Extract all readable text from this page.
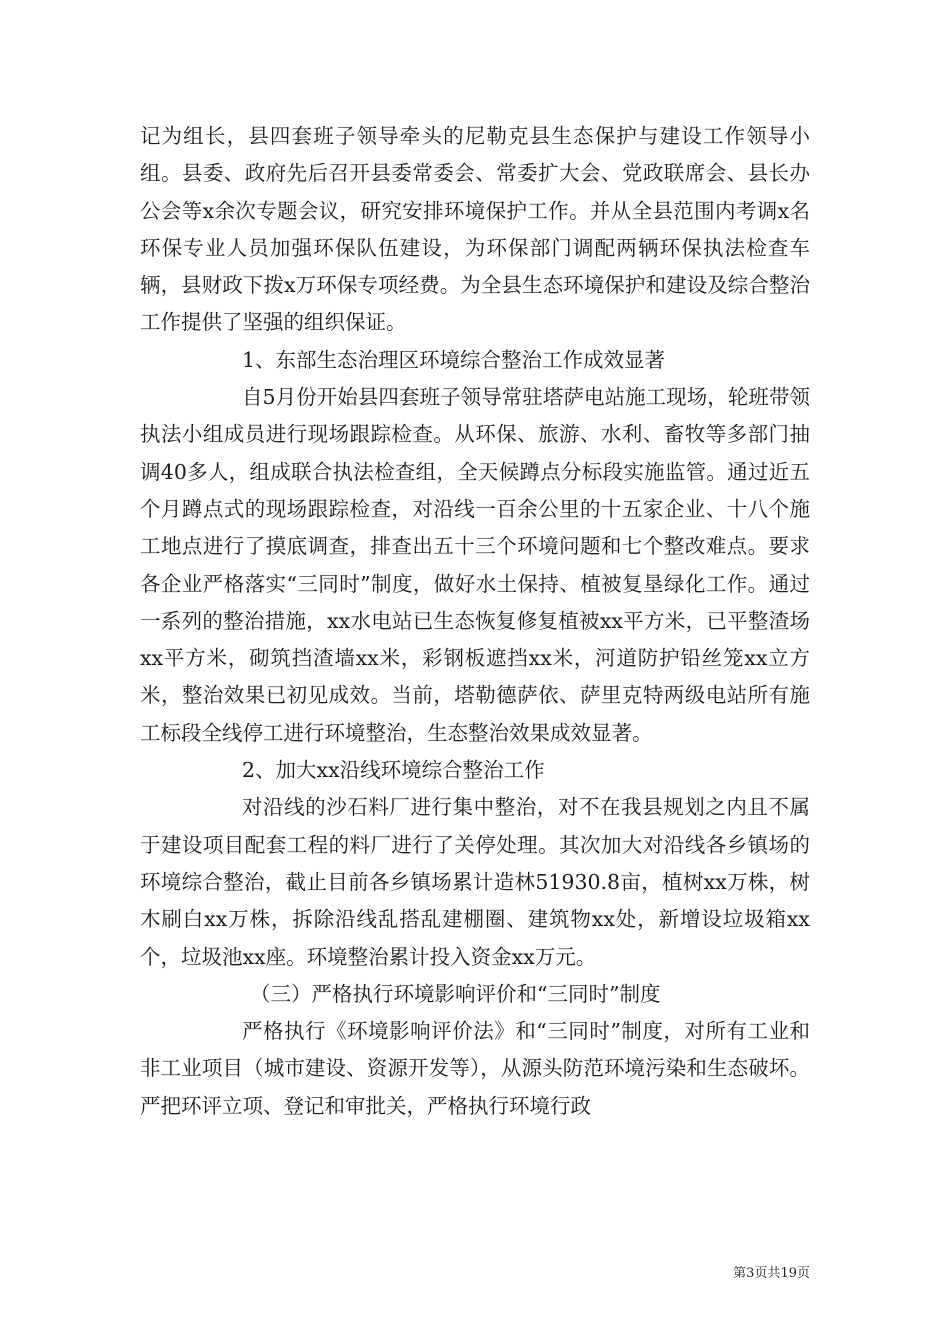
记为组长，县四套班子领导牵头的尼勒克县生态保护与建设工作领导小组。县委、政府先后召开县委常委会、常委扩大会、党政联席会、县长办公会等x余次专题会议，研究安排环境保护工作。并从全县范围内考调x名环保专业人员加强环保队伍建设，为环保部门调配两辆环保执法检查车辆，县财政下拨x万环保专项经费。为全县生态环境保护和建设及综合整治工作提供了坚强的组织保证。

1、东部生态治理区环境综合整治工作成效显著

自5月份开始县四套班子领导常驻塔萨电站施工现场，轮班带领执法小组成员进行现场跟踪检查。从环保、旅游、水利、畜牧等多部门抽调40多人，组成联合执法检查组，全天候蹲点分标段实施监管。通过近五个月蹲点式的现场跟踪检查，对沿线一百余公里的十五家企业、十八个施工地点进行了摸底调查，排查出五十三个环境问题和七个整改难点。要求各企业严格落实“三同时”制度，做好水土保持、植被复垦绿化工作。通过一系列的整治措施，xx水电站已生态恢复修复植被xx平方米，已平整渣场xx平方米，砌筑挡渣墙xx米，彩钢板遮挡xx米，河道防护铅丝笼xx立方米，整治效果已初见成效。当前，塔勒德萨依、萨里克特两级电站所有施工标段全线停工进行环境整治，生态整治效果成效显著。

2、加大xx沿线环境综合整治工作

对沿线的沙石料厂进行集中整治，对不在我县规划之内且不属于建设项目配套工程的料厂进行了关停处理。其次加大对沿线各乡镇场的环境综合整治，截止目前各乡镇场累计造林51930.8亩，植树xx万株，树木刷白xx万株，拆除沿线乱搭乱建棚圈、建筑物xx处，新增设垃圾箱xx个，垃圾池xx座。环境整治累计投入资金xx万元。

（三）严格执行环境影响评价和“三同时”制度

严格执行《环境影响评价法》和“三同时”制度，对所有工业和非工业项目（城市建设、资源开发等），从源头防范环境污染和生态破坏。严把环评立项、登记和审批关，严格执行环境行政

第3页共19页
